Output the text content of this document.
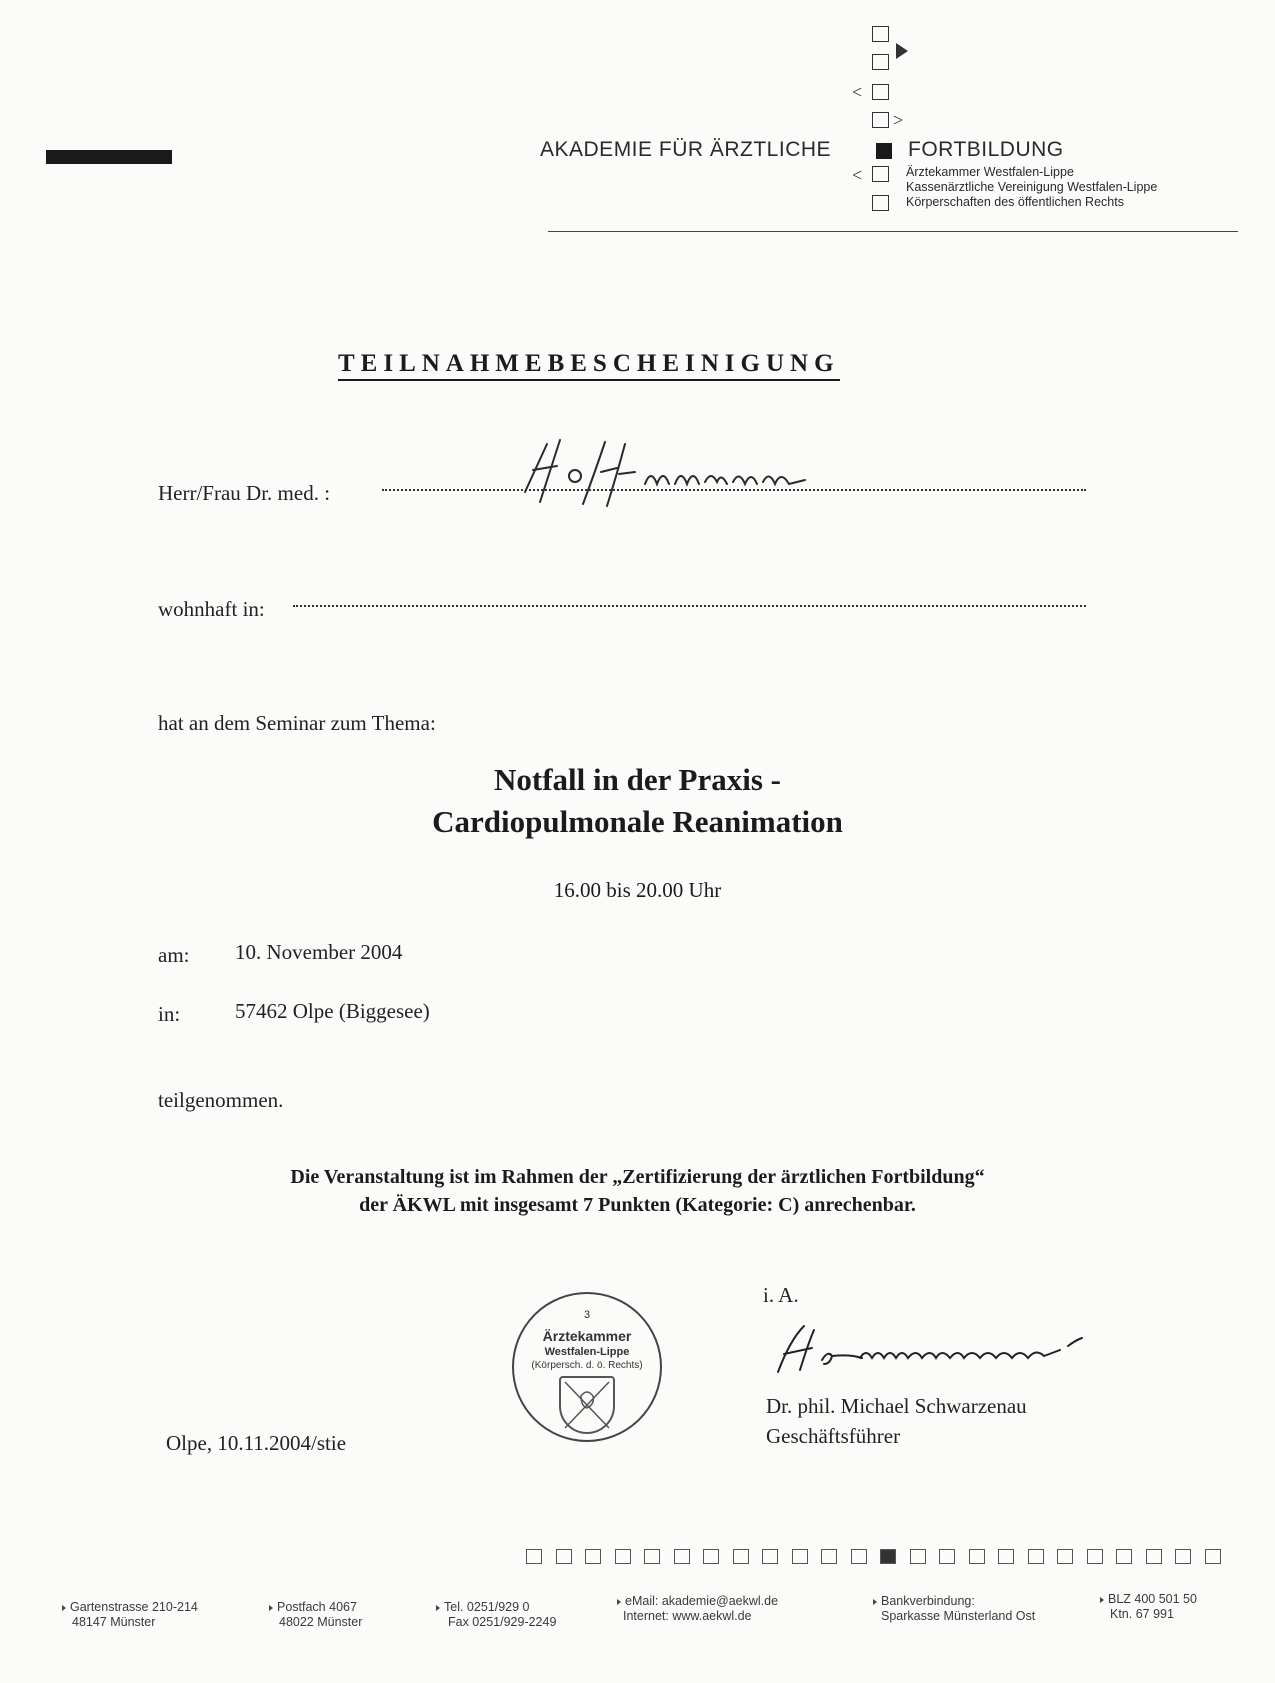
<
>
<
AKADEMIE FÜR ÄRZTLICHE	FORTBILDUNG
Ärztekammer Westfalen-Lippe
Kassenärztliche Vereinigung Westfalen-Lippe
Körperschaften des öffentlichen Rechts
TEILNAHMEBESCHEINIGUNG
Herr/Frau Dr. med. :
wohnhaft in:
hat an dem Seminar zum Thema:
Notfall in der Praxis -
Cardiopulmonale Reanimation
16.00 bis 20.00 Uhr
am: 10. November 2004
in:	57462 Olpe (Biggesee)
teilgenommen.
Die Veranstaltung ist im Rahmen der „Zertifizierung der ärztlichen Fortbildung“
der ÄKWL mit insgesamt 7 Punkten (Kategorie: C) anrechenbar.
i. A.
Dr. phil. Michael Schwarzenau
Geschäftsführer
3
Ärztekammer
Westfalen-Lippe
(Körpersch. d. ö. Rechts)
Olpe, 10.11.2004/stie
Gartenstrasse 210-214
48147 Münster
Postfach 4067
48022 Münster
Tel. 0251/929 0
Fax 0251/929-2249
eMail: akademie@aekwl.de
Internet: www.aekwl.de
Bankverbindung:
Sparkasse Münsterland Ost
BLZ 400 501 50
Ktn. 67 991
